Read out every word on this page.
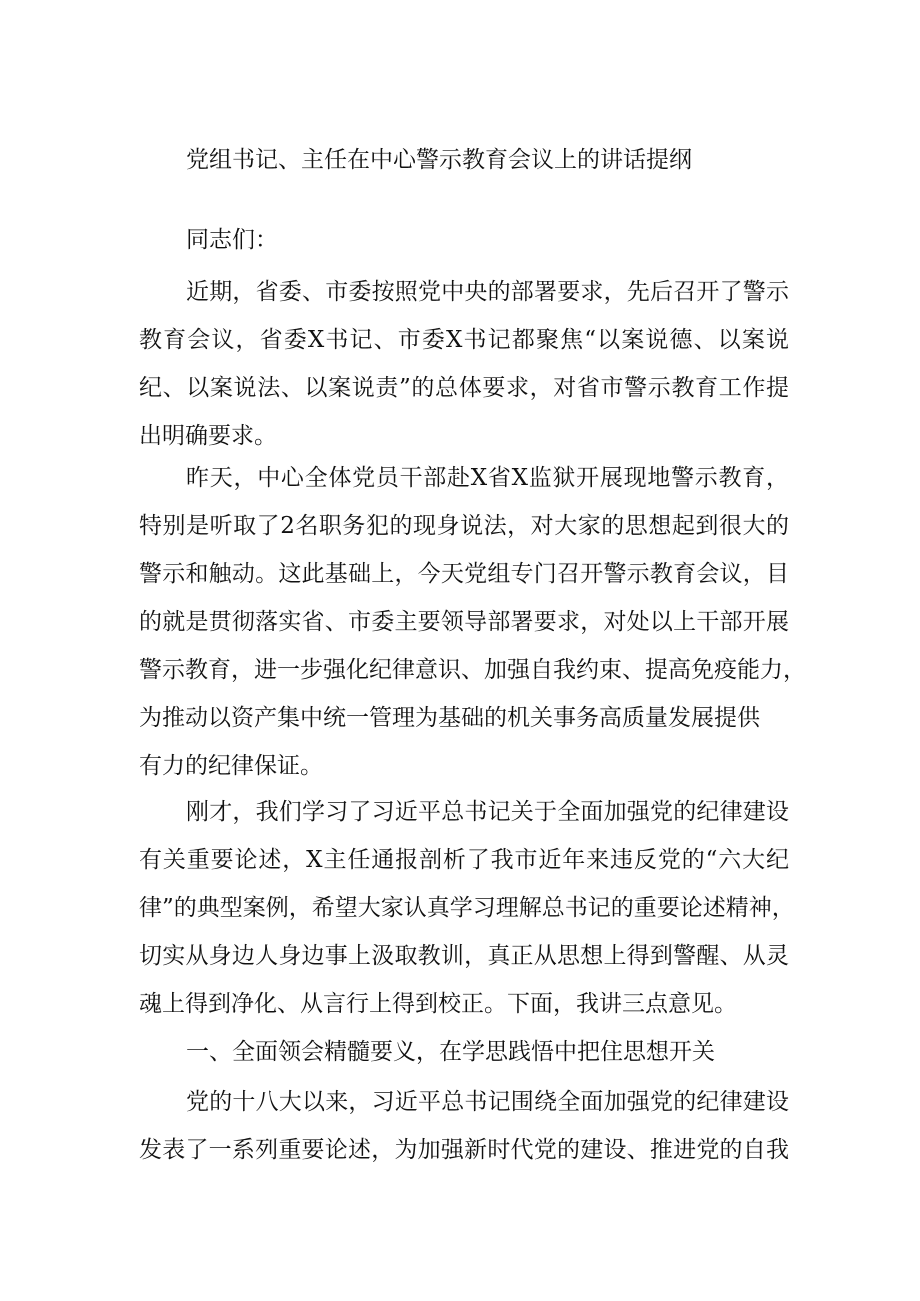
党组书记、主任在中心警示教育会议上的讲话提纲
同志们：
近期，省委、市委按照党中央的部署要求，先后召开了警示
教育会议，省委X书记、市委X书记都聚焦“以案说德、以案说
纪、以案说法、以案说责”的总体要求，对省市警示教育工作提
出明确要求。
昨天，中心全体党员干部赴X省X监狱开展现地警示教育，
特别是听取了2名职务犯的现身说法，对大家的思想起到很大的
警示和触动。这此基础上，今天党组专门召开警示教育会议，目
的就是贯彻落实省、市委主要领导部署要求，对处以上干部开展
警示教育，进一步强化纪律意识、加强自我约束、提高免疫能力，
为推动以资产集中统一管理为基础的机关事务高质量发展提供
有力的纪律保证。
刚才，我们学习了习近平总书记关于全面加强党的纪律建设
有关重要论述，X主任通报剖析了我市近年来违反党的“六大纪
律”的典型案例，希望大家认真学习理解总书记的重要论述精神，
切实从身边人身边事上汲取教训，真正从思想上得到警醒、从灵
魂上得到净化、从言行上得到校正。下面，我讲三点意见。
一、全面领会精髓要义，在学思践悟中把住思想开关
党的十八大以来，习近平总书记围绕全面加强党的纪律建设
发表了一系列重要论述，为加强新时代党的建设、推进党的自我
